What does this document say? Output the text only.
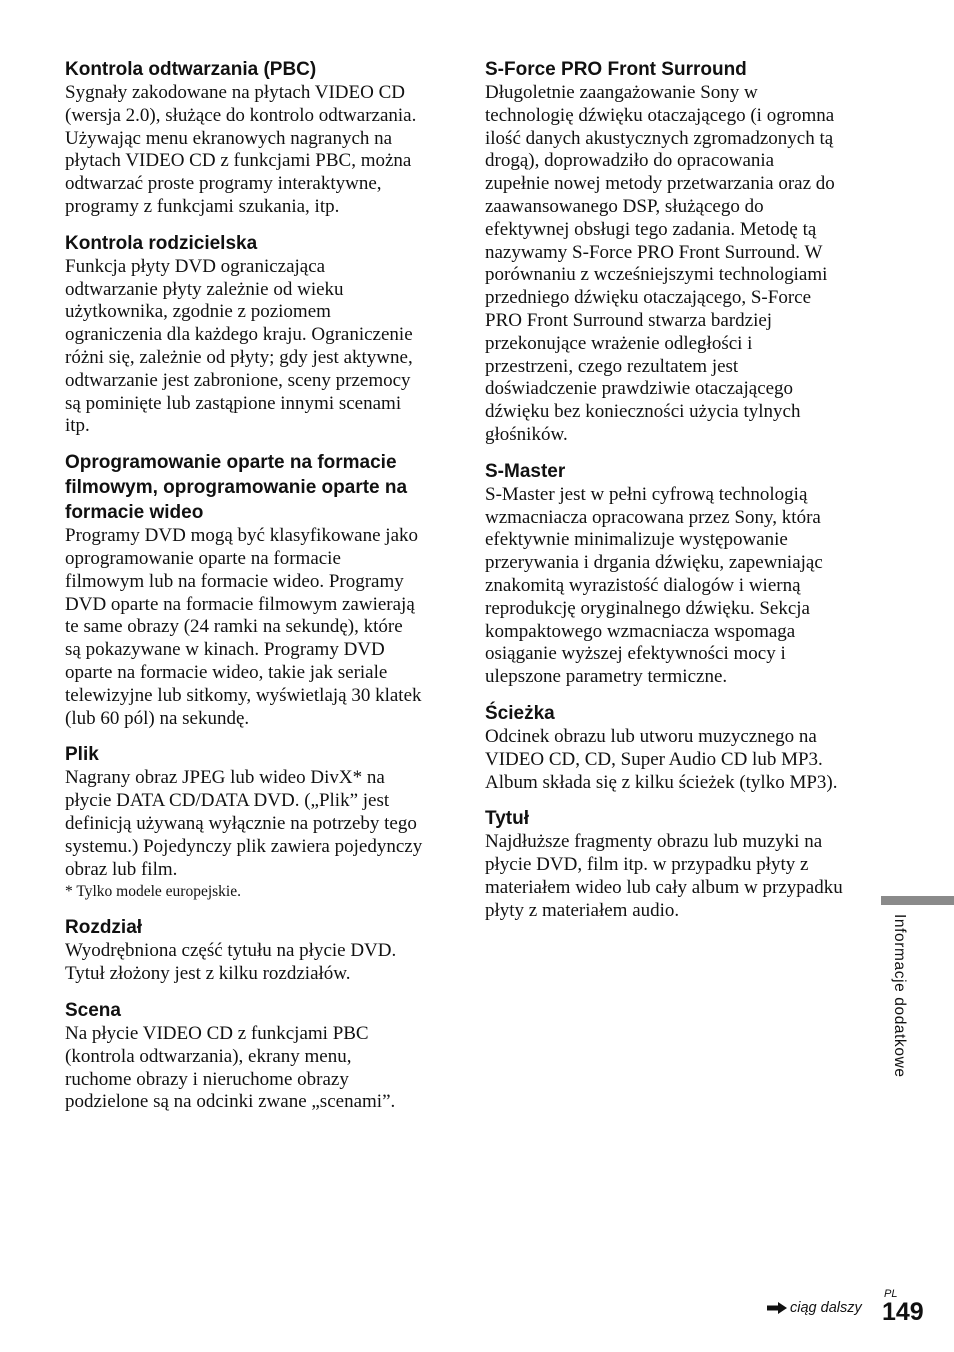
Kontrola odtwarzania (PBC)

Sygnały zakodowane na płytach VIDEO CD
(wersja 2.0), służące do kontrolo odtwarzania.
Używając menu ekranowych nagranych na
płytach VIDEO CD z funkcjami PBC, można
odtwarzać proste programy interaktywne,
programy z funkcjami szukania, itp.

Kontrola rodzicielska

Funkcja płyty DVD ograniczająca
odtwarzanie płyty zależnie od wieku
użytkownika, zgodnie z poziomem
ograniczenia dla każdego kraju. Ograniczenie
różni się, zależnie od płyty; gdy jest aktywne,
odtwarzanie jest zabronione, sceny przemocy
są pominięte lub zastąpione innymi scenami
itp.

Oprogramowanie oparte na formacie
filmowym, oprogramowanie oparte na
formacie wideo

Programy DVD mogą być klasyfikowane jako
oprogramowanie oparte na formacie
filmowym lub na formacie wideo. Programy
DVD oparte na formacie filmowym zawierają
te same obrazy (24 ramki na sekundę), które
są pokazywane w kinach. Programy DVD
oparte na formacie wideo, takie jak seriale
telewizyjne lub sitkomy, wyświetlają 30 klatek
(lub 60 pól) na sekundę.

Plik

Nagrany obraz JPEG lub wideo DivX* na
płycie DATA CD/DATA DVD. („Plik” jest
definicją używaną wyłącznie na potrzeby tego
systemu.) Pojedynczy plik zawiera pojedynczy
obraz lub film.

* Tylko modele europejskie.

Rozdział

Wyodrębniona część tytułu na płycie DVD.
Tytuł złożony jest z kilku rozdziałów.

Scena

Na płycie VIDEO CD z funkcjami PBC
(kontrola odtwarzania), ekrany menu,
ruchome obrazy i nieruchome obrazy
podzielone są na odcinki zwane „scenami”.

S-Force PRO Front Surround

Długoletnie zaangażowanie Sony w
technologię dźwięku otaczającego (i ogromna
ilość danych akustycznych zgromadzonych tą
drogą), doprowadziło do opracowania
zupełnie nowej metody przetwarzania oraz do
zaawansowanego DSP, służącego do
efektywnej obsługi tego zadania. Metodę tą
nazywamy S-Force PRO Front Surround. W
porównaniu z wcześniejszymi technologiami
przedniego dźwięku otaczającego, S-Force
PRO Front Surround stwarza bardziej
przekonujące wrażenie odległości i
przestrzeni, czego rezultatem jest
doświadczenie prawdziwie otaczającego
dźwięku bez konieczności użycia tylnych
głośników.

S-Master

S-Master jest w pełni cyfrową technologią
wzmacniacza opracowana przez Sony, która
efektywnie minimalizuje występowanie
przerywania i drgania dźwięku, zapewniając
znakomitą wyrazistość dialogów i wierną
reprodukcję oryginalnego dźwięku. Sekcja
kompaktowego wzmacniacza wspomaga
osiąganie wyższej efektywności mocy i
ulepszone parametry termiczne.

Ścieżka

Odcinek obrazu lub utworu muzycznego na
VIDEO CD, CD, Super Audio CD lub MP3.
Album składa się z kilku ścieżek (tylko MP3).

Tytuł

Najdłuższe fragmenty obrazu lub muzyki na
płycie DVD, film itp. w przypadku płyty z
materiałem wideo lub cały album w przypadku
płyty z materiałem audio.

Informacje dodatkowe
ciąg dalszy
PL
149
